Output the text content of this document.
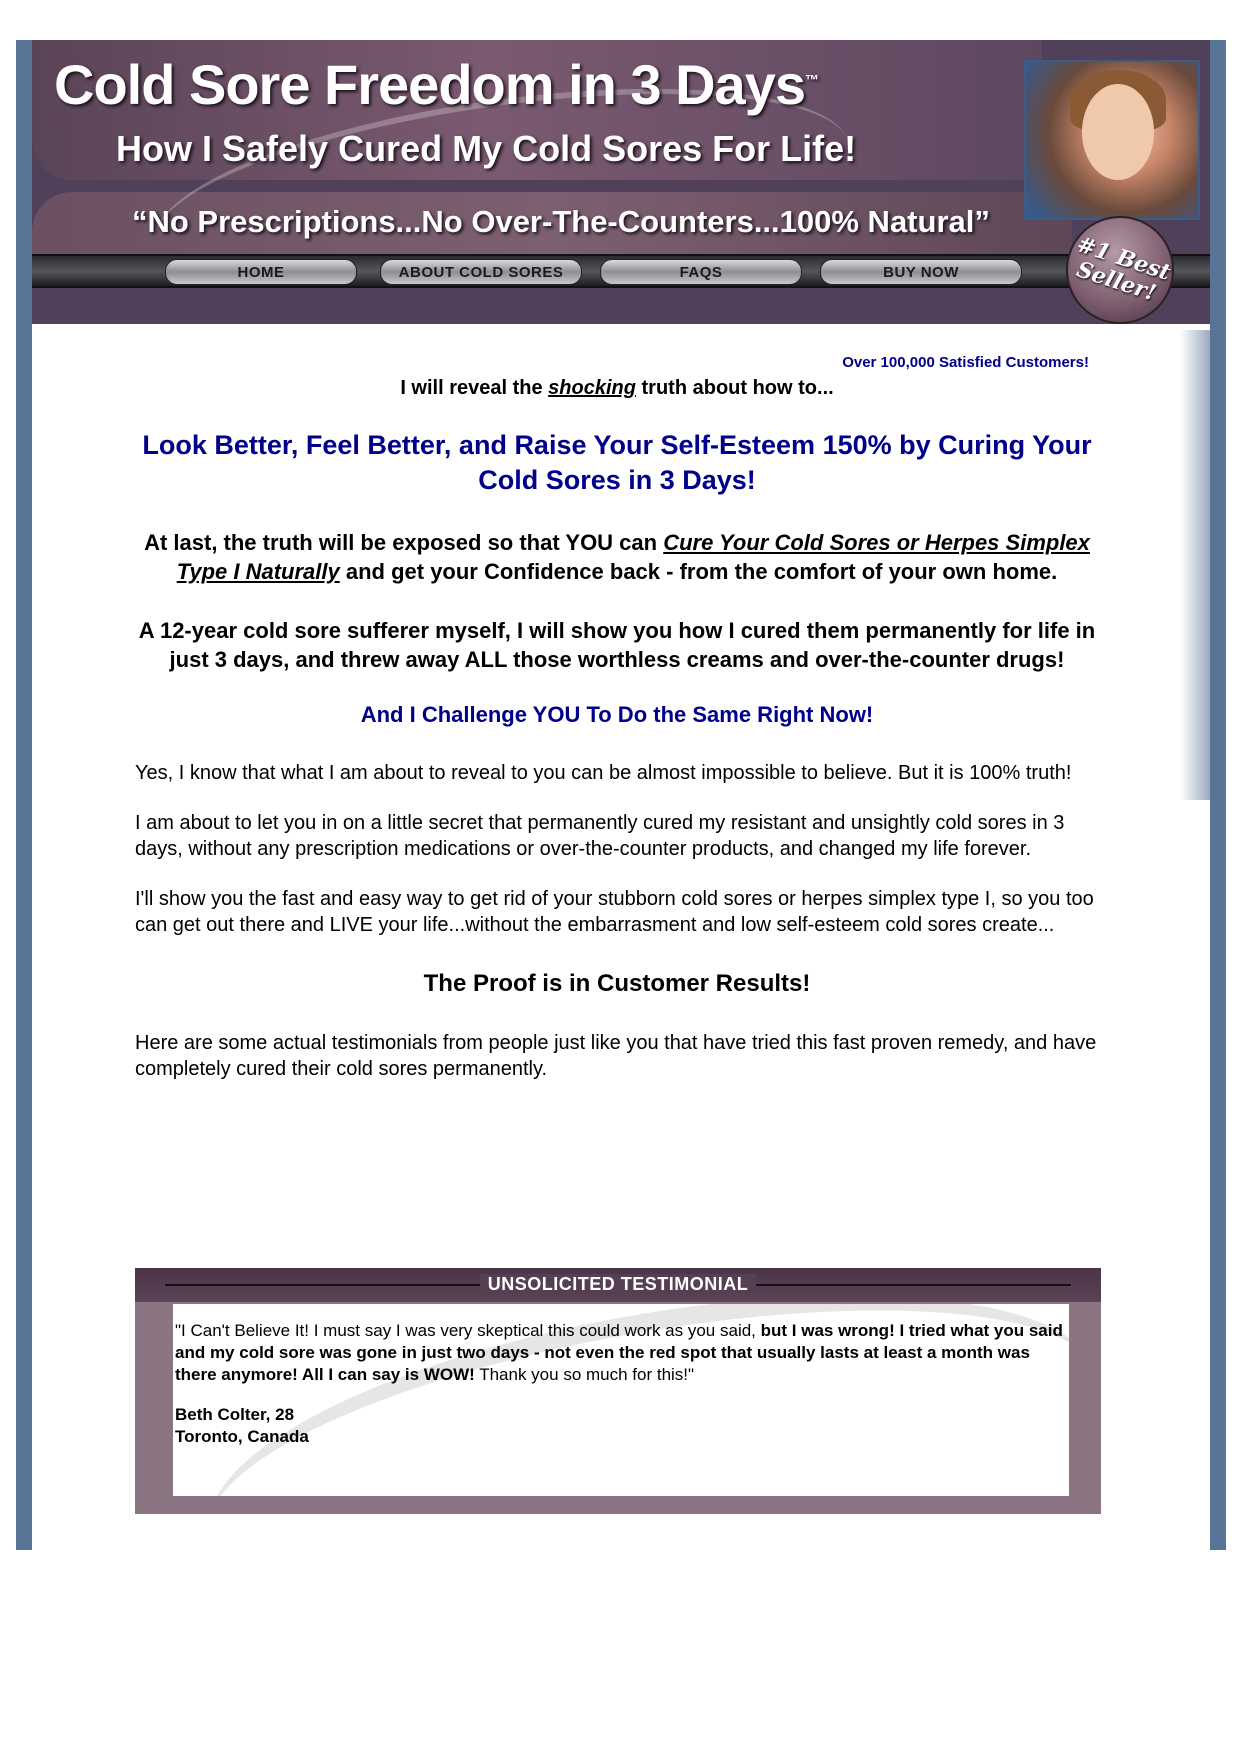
Cold Sore Freedom in 3 Days™
How I Safely Cured My Cold Sores For Life!
“No Prescriptions...No Over-The-Counters...100% Natural”
HOME	ABOUT COLD SORES	FAQS	BUY NOW	#1 Best Seller!

Over 100,000 Satisfied Customers!

I will reveal the shocking truth about how to...

Look Better, Feel Better, and Raise Your Self-Esteem 150% by Curing Your Cold Sores in 3 Days!

At last, the truth will be exposed so that YOU can Cure Your Cold Sores or Herpes Simplex Type I Naturally and get your Confidence back - from the comfort of your own home.

A 12-year cold sore sufferer myself, I will show you how I cured them permanently for life in just 3 days, and threw away ALL those worthless creams and over-the-counter drugs!

And I Challenge YOU To Do the Same Right Now!

Yes, I know that what I am about to reveal to you can be almost impossible to believe. But it is 100% truth!

I am about to let you in on a little secret that permanently cured my resistant and unsightly cold sores in 3 days, without any prescription medications or over-the-counter products, and changed my life forever.

I'll show you the fast and easy way to get rid of your stubborn cold sores or herpes simplex type I, so you too can get out there and LIVE your life...without the embarrasment and low self-esteem cold sores create...

The Proof is in Customer Results!

Here are some actual testimonials from people just like you that have tried this fast proven remedy, and have completely cured their cold sores permanently.

UNSOLICITED TESTIMONIAL

"I Can't Believe It! I must say I was very skeptical this could work as you said, but I was wrong! I tried what you said and my cold sore was gone in just two days - not even the red spot that usually lasts at least a month was there anymore! All I can say is WOW! Thank you so much for this!"

Beth Colter, 28
Toronto, Canada
